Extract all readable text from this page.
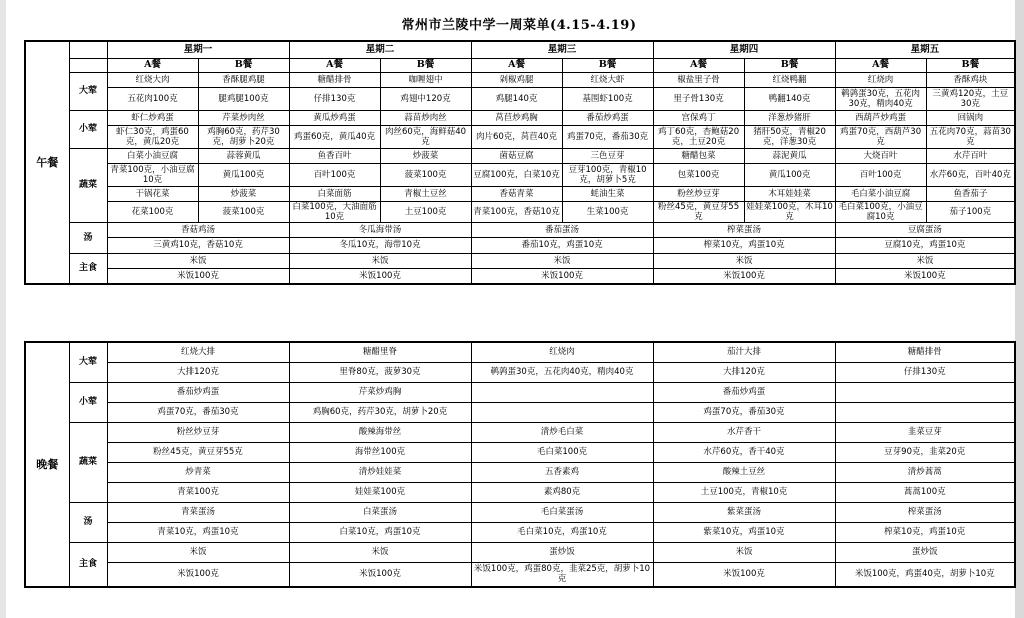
常州市兰陵中学一周菜单(4.15-4.19)
午餐		星期一		星期二		星期三		星期四		星期五	
		A餐	B餐	A餐	B餐	A餐	B餐	A餐	B餐	A餐	B餐
	大荤	红烧大肉	香酥腿鸡腿	糖醋排骨	咖喱翅中	剁椒鸡腿	红烧大虾	椒盐里子骨	红烧鸭翻	红烧肉	香酥鸡块
		五花肉100克	腿鸡腿100克	仔排130克	鸡翅中120克	鸡腿140克	基围虾100克	里子骨130克	鸭翻140克	鹌鹑蛋30克，五花肉30克，精肉40克	三黄鸡120克，土豆30克
	小荤	虾仁炒鸡蛋	芹菜炒肉丝	黄瓜炒鸡蛋	蒜苗炒肉丝	莴苣炒鸡胸	番茄炒鸡蛋	宫保鸡丁	洋葱炒猪肝	西葫芦炒鸡蛋	回锅肉
		虾仁30克，鸡蛋60克，黄瓜20克	鸡胸60克，药芹30克，胡萝卜20克	鸡蛋60克，黄瓜40克	肉丝60克，海鲜菇40克	肉片60克，莴苣40克	鸡蛋70克，番茄30克	鸡丁60克，杏鲍菇20克，土豆20克	猪肝50克，青椒20克，洋葱30克	鸡蛋70克，西葫芦30克	五花肉70克，蒜苗30克
	蔬菜	白菜小油豆腐	蒜蓉黄瓜	鱼香百叶	炒菠菜	菌菇豆腐	三色豆芽	糖醋包菜	蒜泥黄瓜	大烧百叶	水芹百叶
		青菜100克，小油豆腐10克	黄瓜100克	百叶100克	菠菜100克	豆腐100克，白菜10克	豆芽100克，青椒10克，胡萝卜5克	包菜100克	黄瓜100克	百叶100克	水芹60克，百叶40克
		干锅花菜	炒菠菜	白菜面筋	青椒土豆丝	香菇青菜	蚝油生菜	粉丝炒豆芽	木耳娃娃菜	毛白菜小油豆腐	鱼香茄子
		花菜100克	菠菜100克	白菜100克，大油面筋10克	土豆100克	青菜100克，香菇10克	生菜100克	粉丝45克，黄豆芽55克	娃娃菜100克，木耳10克	毛白菜100克，小油豆腐10克	茄子100克
	汤	香菇鸡汤		冬瓜海带汤		番茄蛋汤		榨菜蛋汤		豆腐蛋汤	
		三黄鸡10克，香菇10克		冬瓜10克，海带10克		番茄10克，鸡蛋10克		榨菜10克，鸡蛋10克		豆腐10克，鸡蛋10克	
	主食	米饭		米饭		米饭		米饭		米饭	
		米饭100克		米饭100克		米饭100克		米饭100克		米饭100克	
晚餐	大荤	红烧大排	糖醋里脊	红烧肉	茄汁大排	糖醋排骨
		大排120克	里脊80克，菠萝30克	鹌鹑蛋30克，五花肉40克，精肉40克	大排120克	仔排130克
	小荤	番茄炒鸡蛋	芹菜炒鸡胸		番茄炒鸡蛋	
		鸡蛋70克，番茄30克	鸡胸60克，药芹30克，胡萝卜20克		鸡蛋70克，番茄30克	
	蔬菜	粉丝炒豆芽	酸辣海带丝	清炒毛白菜	水芹香干	韭菜豆芽
		粉丝45克，黄豆芽55克	海带丝100克	毛白菜100克	水芹60克，香干40克	豆芽90克，韭菜20克
		炒青菜	清炒娃娃菜	五香素鸡	酸辣土豆丝	清炒蒿蒿
		青菜100克	娃娃菜100克	素鸡80克	土豆100克，青椒10克	蒿蒿100克
	汤	青菜蛋汤	白菜蛋汤	毛白菜蛋汤	紫菜蛋汤	榨菜蛋汤
		青菜10克，鸡蛋10克	白菜10克，鸡蛋10克	毛白菜10克，鸡蛋10克	紫菜10克，鸡蛋10克	榨菜10克，鸡蛋10克
	主食	米饭	米饭	蛋炒饭	米饭	蛋炒饭
		米饭100克	米饭100克	米饭100克，鸡蛋80克，韭菜25克，胡萝卜10克	米饭100克	米饭100克，鸡蛋40克，胡萝卜10克
